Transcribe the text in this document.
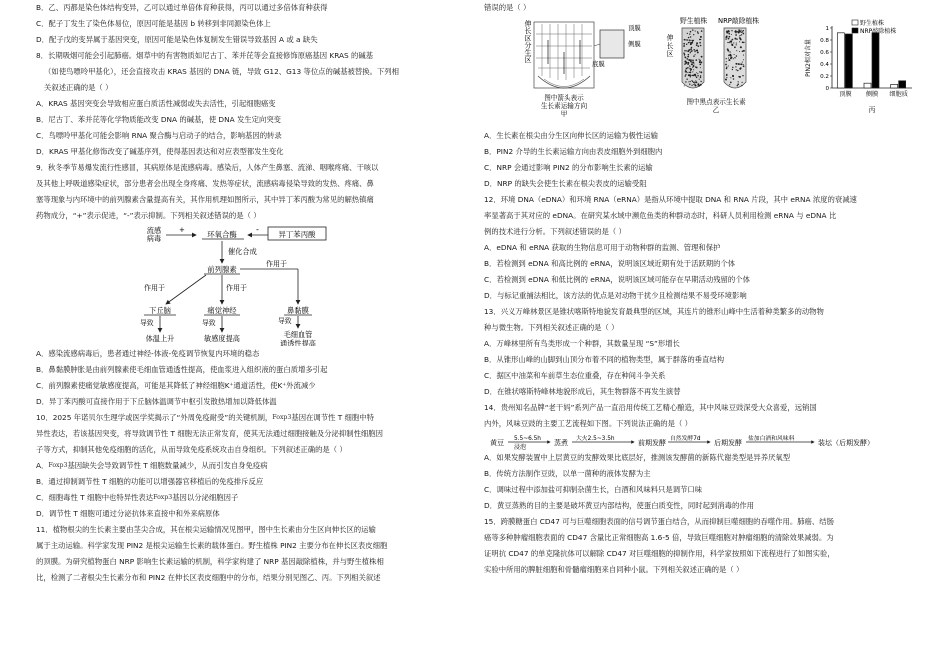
B．乙、丙都是染色体结构变异，乙可以通过单倍体育种获得，丙可以通过多倍体育种获得
C．配子丁发生了染色体易位，原因可能是基因 b 转移到非同源染色体上
D．配子戊的变异属于基因突变，原因可能是染色体复制发生错误导致基因 A 或 a 缺失
8．长期吸烟可能会引起肺癌。烟草中的有害物质如尼古丁、苯并芘等会直接修饰原癌基因 KRAS 的碱基
（如使鸟嘌呤甲基化），还会直接攻击 KRAS 基因的 DNA 链，导致 G12、G13 等位点的碱基被替换。下列相
关叙述正确的是（ ）
A．KRAS 基因突变会导致相应蛋白质活性减弱或失去活性，引起细胞癌变
B．尼古丁、苯并芘等化学物质能改变 DNA 的碱基，使 DNA 发生定向突变
C．鸟嘌呤甲基化可能会影响 RNA 聚合酶与启动子的结合，影响基因的转录
D．KRAS 甲基化修饰改变了碱基序列，使得基因表达和对应表型都发生变化
9．秋冬季节易爆发流行性感冒，其病原体是流感病毒。感染后，人体产生鼻塞、流涕、咽喉疼痛、干咳以
及其他上呼吸道感染症状，部分患者会出现全身疼痛、发热等症状，流感病毒侵染导致的发热、疼痛、鼻
塞等现象与内环境中的前列腺素含量提高有关，其作用机理如图所示，其中异丁苯丙酸为常见的解热镇痛
药物成分，“+”表示促进，“-”表示抑制。下列相关叙述错误的是（ ）
流感病毒
+	环氧合酶	异丁苯丙酸
-
催化合成
前列腺素
作用于	作用于
作用于
下丘脑	痛觉神经	鼻黏膜
导致	导致	导致
体温上升	敏感度提高	毛细血管通透性提高
A．感染流感病毒后，患者通过神经-体液-免疫调节恢复内环境的稳态
B．鼻黏膜肿胀是由前列腺素使毛细血管通透性提高，使血浆进入组织液的蛋白质增多引起
C．前列腺素使痛觉敏感度提高，可能是其降低了神经细胞K⁺通道活性，使K⁺外流减少
D．异丁苯丙酸可直接作用于下丘脑体温调节中枢引发散热增加以降低体温
10．2025 年诺贝尔生理学或医学奖揭示了“外周免疫耐受”的关键机制，Foxp3基因在调节性 T 细胞中特
异性表达，若该基因突变，将导致调节性 T 细胞无法正常发育，使其无法通过细胞接触及分泌抑制性细胞因
子等方式，抑制其他免疫细胞的活化，从而导致免疫系统攻击自身组织。下列叙述正确的是（ ）
A．Foxp3基因缺失会导致调节性 T 细胞数量减少，从而引发自身免疫病
B．通过抑制调节性 T 细胞的功能可以增强器官移植后的免疫排斥反应
C．细胞毒性 T 细胞中也特异性表达Foxp3基因以分泌细胞因子
D．调节性 T 细胞可通过分泌抗体来直接中和外来病原体
11．植物根尖的生长素主要由茎尖合成，其在根尖运输情况见图甲，图中生长素由分生区向伸长区的运输
属于主动运输。科学家发现 PIN2 是根尖运输生长素的载体蛋白。野生植株 PIN2 主要分布在伸长区表皮细胞
的顶膜。为研究植物蛋白 NRP 影响生长素运输的机制，科学家构建了 NRP 基因敲除植株，并与野生植株相
比，检测了二者根尖生长素分布和 PIN2 在伸长区表皮细胞中的分布，结果分别见图乙、丙。下列相关叙述
错误的是（ ）
伸长区分生区
顶膜
侧膜
底膜
图中箭头表示生长素运输方向甲
野生植株 NRP敲除植株
伸长区
图中黑点表示生长素乙
0
0.2
0.4
0.6
0.8
1
PIN2相对含量
顶膜 侧膜 细胞质
野生植株
NRP敲除植株
丙
A．生长素在根尖由分生区向伸长区的运输为极性运输
B．PIN2 介导的生长素运输方向由表皮细胞外到细胞内
C．NRP 会通过影响 PIN2 的分布影响生长素的运输
D．NRP 的缺失会使生长素在根尖表皮的运输受阻
12．环境 DNA（eDNA）和环境 RNA（eRNA）是指从环境中提取 DNA 和 RNA 片段，其中 eRNA 浓度的衰减速
率显著高于其对应的 eDNA。在研究某水域中濒危鱼类的种群动态时，科研人员利用检测 eRNA 与 eDNA 比
例的技术进行分析。下列叙述错误的是（ ）
A．eDNA 和 eRNA 获取的生物信息可用于动物种群的监测、管理和保护
B．若检测到 eDNA 和高比例的 eRNA，说明该区域近期有处于活跃期的个体
C．若检测到 eDNA 和低比例的 eRNA，说明该区域可能存在早期活动残留的个体
D．与标记重捕法相比，该方法的优点是对动物干扰少且检测结果不易受环境影响
13．兴义万峰林景区是锥状喀斯特地貌发育最典型的区域，其连片的锥形山峰中生活着种类繁多的动物物
种与微生物。下列相关叙述正确的是（ ）
A．万峰林里所有鸟类形成一个种群，其数量呈现 “S”形增长
B．从锥形山峰的山脚到山顶分布着不同的植物类型，属于群落的垂直结构
C．据区中油菜和车前草生态位重叠，存在种间斗争关系
D．在锥状喀斯特峰林地貌形成后，其生物群落不再发生演替
14．贵州知名品牌“老干妈”系列产品一直沿用传统工艺精心酿造，其中风味豆豉深受大众喜爱，远销国
内外，风味豆豉的主要工艺流程如下图。下列说法正确的是（ ）
黄豆 5.5~6.5h
浸泡
蒸煮 大火2.5~3.5h	前期发酵 自然发酵7d 后期发酵 盐加白酒和风味料	装坛（后期发酵）
A．如果发酵装置中上层黄豆的发酵效果比底层好，推测该发酵菌的新陈代谢类型是异养厌氧型
B．传统方法制作豆豉，以单一菌种的液体发酵为主
C．调味过程中添加盐可抑制杂菌生长，白酒和风味料只是调节口味
D．黄豆蒸熟的目的主要是破坏黄豆内部结构，使蛋白质变性，同时起到消毒的作用
15．跨膜糖蛋白 CD47 可与巨噬细胞表面的信号调节蛋白结合，从而抑制巨噬细胞的吞噬作用。肺癌、结肠
癌等多种肿瘤细胞表面的 CD47 含量比正常细胞高 1.6-5 倍，导致巨噬细胞对肿瘤细胞的清除效果减弱。为
证明抗 CD47 的单克隆抗体可以解除 CD47 对巨噬细胞的抑制作用，科学家按照如下流程进行了如图实验，
实验中所用的脾脏细胞和骨髓瘤细胞来自同种小鼠。下列相关叙述正确的是（ ）
